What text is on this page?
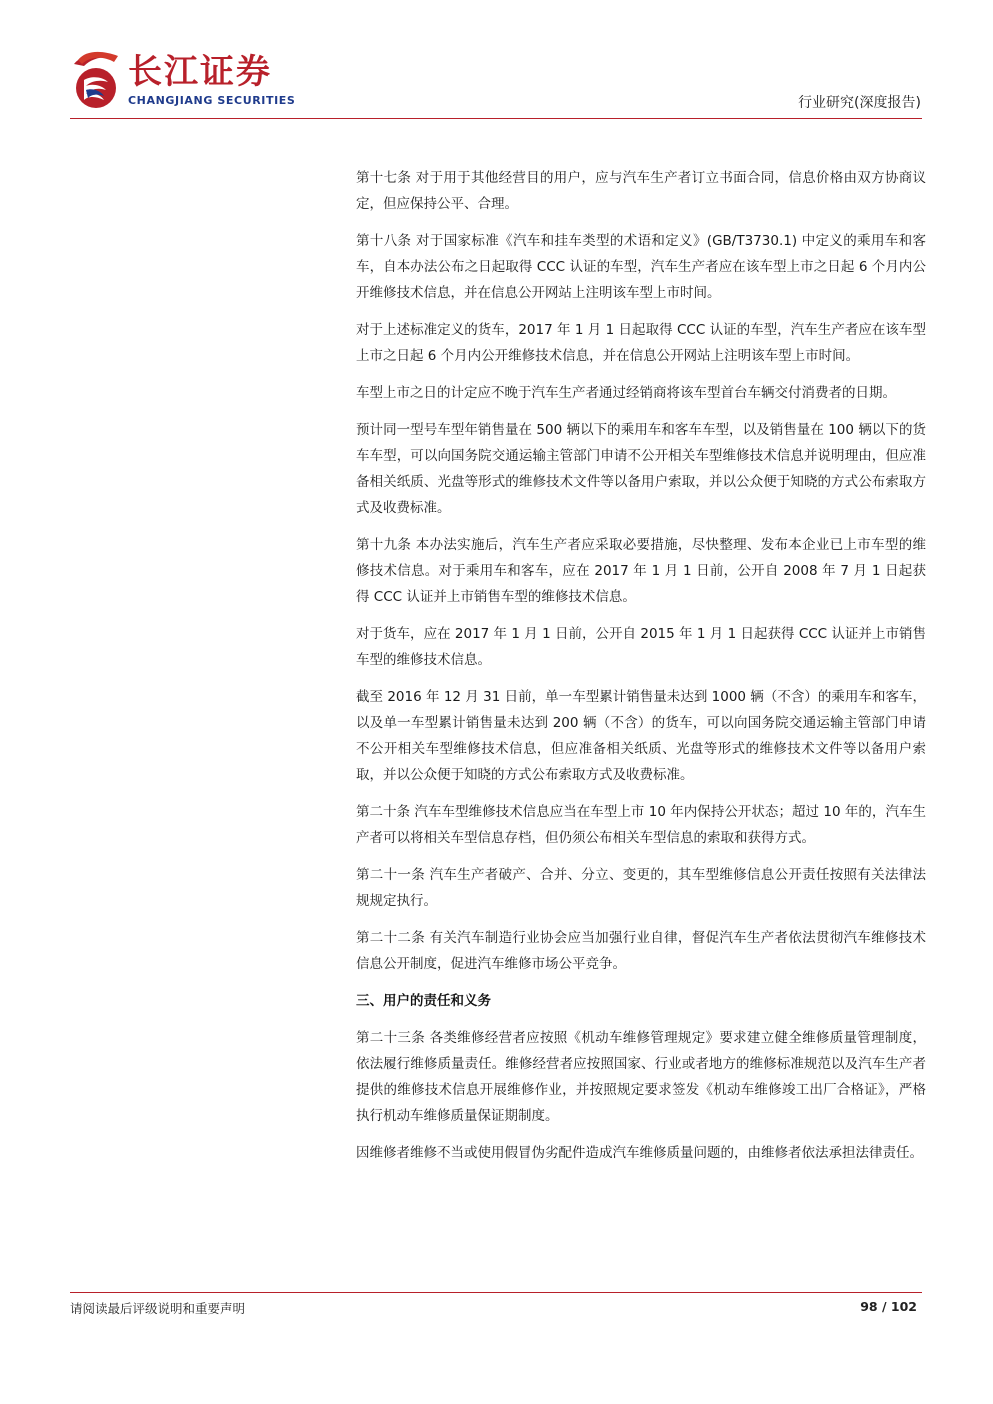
长江证券
CHANGJIANG SECURITIES	行业研究(深度报告)

第十七条 对于用于其他经营目的用户，应与汽车生产者订立书面合同，信息价格由双方协商议定，但应保持公平、合理。

第十八条 对于国家标准《汽车和挂车类型的术语和定义》(GB/T3730.1) 中定义的乘用车和客车，自本办法公布之日起取得 CCC 认证的车型，汽车生产者应在该车型上市之日起 6 个月内公开维修技术信息，并在信息公开网站上注明该车型上市时间。

对于上述标准定义的货车，2017 年 1 月 1 日起取得 CCC 认证的车型，汽车生产者应在该车型上市之日起 6 个月内公开维修技术信息，并在信息公开网站上注明该车型上市时间。

车型上市之日的计定应不晚于汽车生产者通过经销商将该车型首台车辆交付消费者的日期。

预计同一型号车型年销售量在 500 辆以下的乘用车和客车车型，以及销售量在 100 辆以下的货车车型，可以向国务院交通运输主管部门申请不公开相关车型维修技术信息并说明理由，但应准备相关纸质、光盘等形式的维修技术文件等以备用户索取，并以公众便于知晓的方式公布索取方式及收费标准。

第十九条 本办法实施后，汽车生产者应采取必要措施，尽快整理、发布本企业已上市车型的维修技术信息。对于乘用车和客车，应在 2017 年 1 月 1 日前，公开自 2008 年 7 月 1 日起获得 CCC 认证并上市销售车型的维修技术信息。

对于货车，应在 2017 年 1 月 1 日前，公开自 2015 年 1 月 1 日起获得 CCC 认证并上市销售车型的维修技术信息。

截至 2016 年 12 月 31 日前，单一车型累计销售量未达到 1000 辆（不含）的乘用车和客车，以及单一车型累计销售量未达到 200 辆（不含）的货车，可以向国务院交通运输主管部门申请不公开相关车型维修技术信息，但应准备相关纸质、光盘等形式的维修技术文件等以备用户索取，并以公众便于知晓的方式公布索取方式及收费标准。

第二十条 汽车车型维修技术信息应当在车型上市 10 年内保持公开状态；超过 10 年的，汽车生产者可以将相关车型信息存档，但仍须公布相关车型信息的索取和获得方式。

第二十一条 汽车生产者破产、合并、分立、变更的，其车型维修信息公开责任按照有关法律法规规定执行。

第二十二条 有关汽车制造行业协会应当加强行业自律，督促汽车生产者依法贯彻汽车维修技术信息公开制度，促进汽车维修市场公平竞争。

三、用户的责任和义务

第二十三条 各类维修经营者应按照《机动车维修管理规定》要求建立健全维修质量管理制度，依法履行维修质量责任。维修经营者应按照国家、行业或者地方的维修标准规范以及汽车生产者提供的维修技术信息开展维修作业，并按照规定要求签发《机动车维修竣工出厂合格证》，严格执行机动车维修质量保证期制度。

因维修者维修不当或使用假冒伪劣配件造成汽车维修质量问题的，由维修者依法承担法律责任。

请阅读最后评级说明和重要声明	98 / 102
